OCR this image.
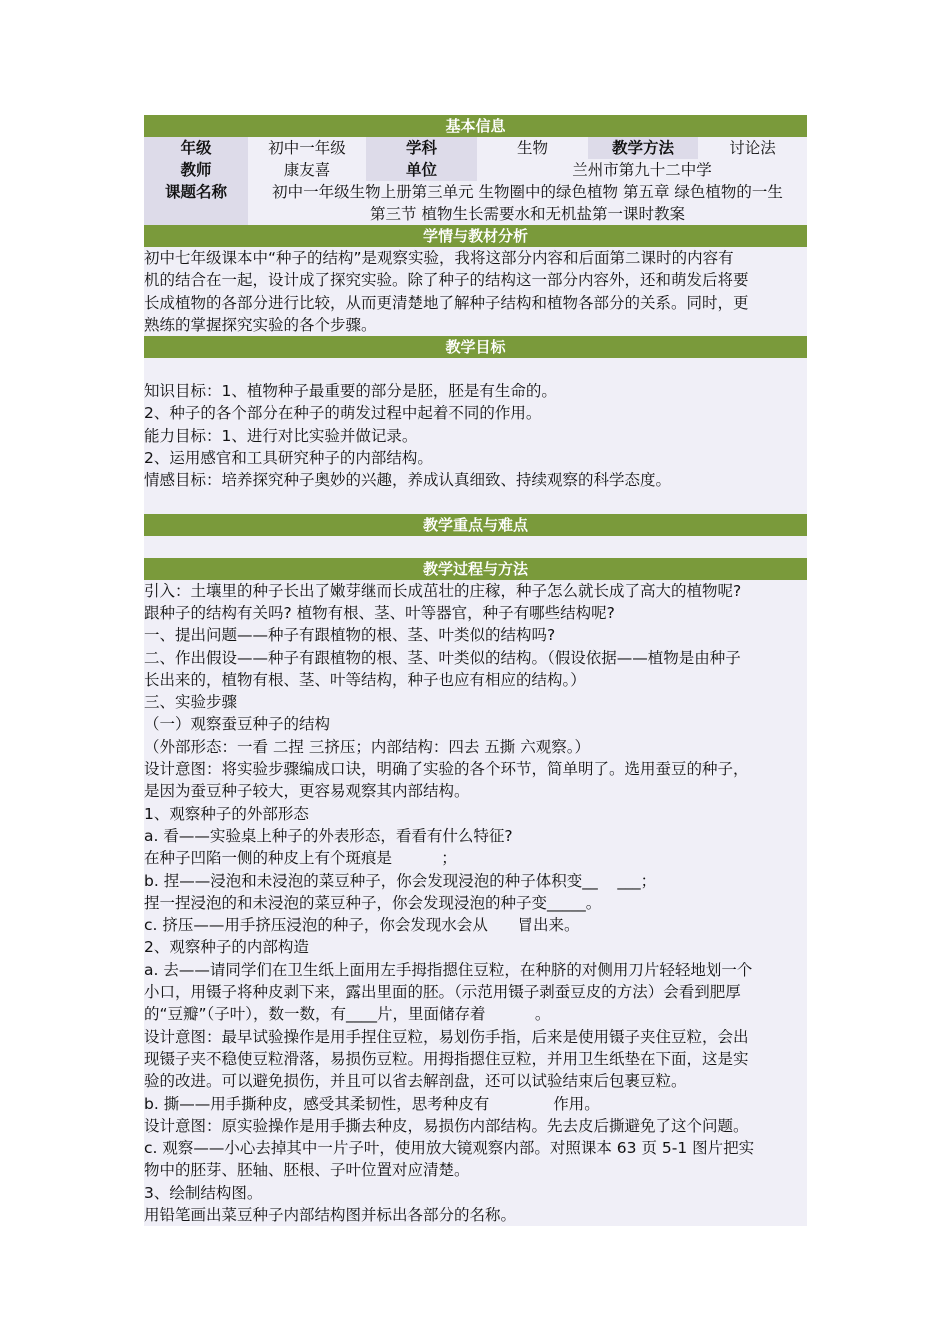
基本信息
年级	初中一年级	学科	生物	教学方法	讨论法
教师	康友喜	单位	兰州市第九十二中学
课题名称	初中一年级生物上册第三单元 生物圈中的绿色植物 第五章 绿色植物的一生
第三节 植物生长需要水和无机盐第一课时教案
学情与教材分析
初中七年级课本中“种子的结构”是观察实验，我将这部分内容和后面第二课时的内容有
机的结合在一起，设计成了探究实验。除了种子的结构这一部分内容外，还和萌发后将要
长成植物的各部分进行比较，从而更清楚地了解种子结构和植物各部分的关系。同时，更
熟练的掌握探究实验的各个步骤。
教学目标
知识目标：1、植物种子最重要的部分是胚，胚是有生命的。
2、种子的各个部分在种子的萌发过程中起着不同的作用。
能力目标：1、进行对比实验并做记录。
2、运用感官和工具研究种子的内部结构。
情感目标：培养探究种子奥妙的兴趣，养成认真细致、持续观察的科学态度。
教学重点与难点
教学过程与方法
引入：土壤里的种子长出了嫩芽继而长成茁壮的庄稼，种子怎么就长成了高大的植物呢?
跟种子的结构有关吗? 植物有根、茎、叶等器官，种子有哪些结构呢?
一、提出问题——种子有跟植物的根、茎、叶类似的结构吗?
二、作出假设——种子有跟植物的根、茎、叶类似的结构。（假设依据——植物是由种子
长出来的，植物有根、茎、叶等结构，种子也应有相应的结构。）
三、实验步骤
（一）观察蚕豆种子的结构
（外部形态：一看 二捏 三挤压；内部结构：四去 五撕 六观察。）
设计意图：将实验步骤编成口诀，明确了实验的各个环节，简单明了。选用蚕豆的种子，
是因为蚕豆种子较大，更容易观察其内部结构。
1、观察种子的外部形态
a. 看——实验桌上种子的外表形态，看看有什么特征?
在种子凹陷一侧的种皮上有个斑痕是          ；
b. 捏——浸泡和未浸泡的菜豆种子，你会发现浸泡的种子体积变__    ___；
捏一捏浸泡的和未浸泡的菜豆种子，你会发现浸泡的种子变_____。
c. 挤压——用手挤压浸泡的种子，你会发现水会从      冒出来。
2、观察种子的内部构造
a. 去——请同学们在卫生纸上面用左手拇指摁住豆粒，在种脐的对侧用刀片轻轻地划一个
小口，用镊子将种皮剥下来，露出里面的胚。（示范用镊子剥蚕豆皮的方法）会看到肥厚
的“豆瓣”（子叶），数一数，有____片，里面储存着          。
设计意图：最早试验操作是用手捏住豆粒，易划伤手指，后来是使用镊子夹住豆粒，会出
现镊子夹不稳使豆粒滑落，易损伤豆粒。用拇指摁住豆粒，并用卫生纸垫在下面，这是实
验的改进。可以避免损伤，并且可以省去解剖盘，还可以试验结束后包裹豆粒。
b. 撕——用手撕种皮，感受其柔韧性，思考种皮有             作用。
设计意图：原实验操作是用手撕去种皮，易损伤内部结构。先去皮后撕避免了这个问题。
c. 观察——小心去掉其中一片子叶，使用放大镜观察内部。对照课本 63 页 5-1 图片把实
物中的胚芽、胚轴、胚根、子叶位置对应清楚。
3、绘制结构图。
用铅笔画出菜豆种子内部结构图并标出各部分的名称。
